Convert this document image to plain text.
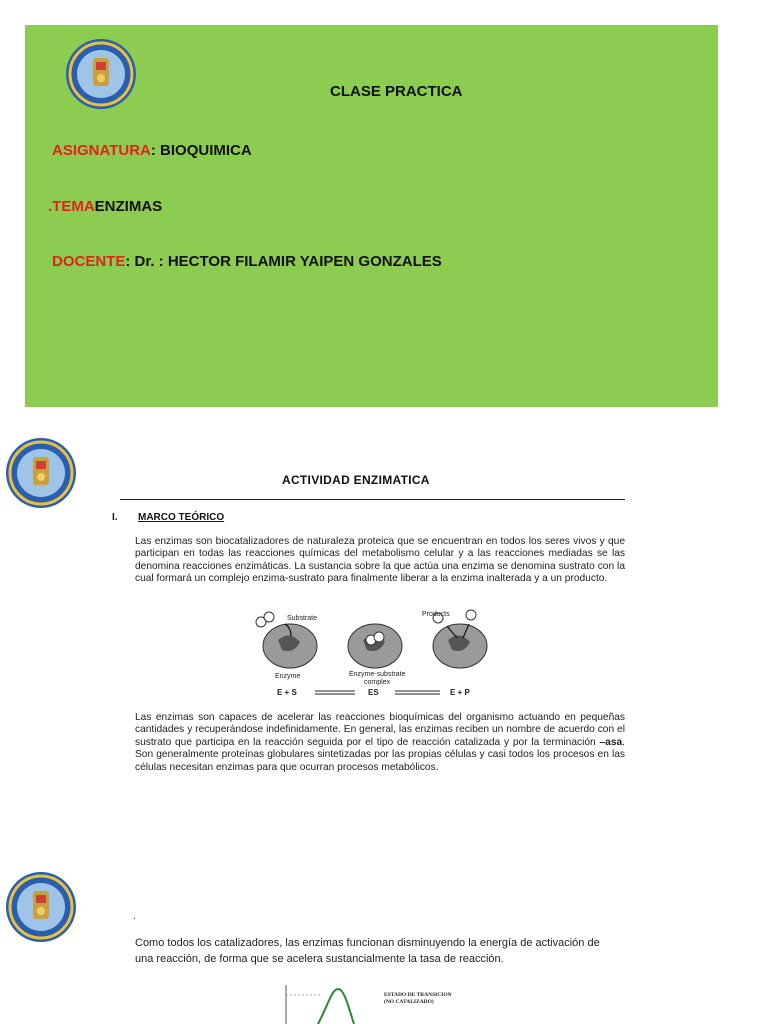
CLASE PRACTICA
ASIGNATURA: BIOQUIMICA
.TEMAENZIMAS
DOCENTE: Dr. : HECTOR FILAMIR YAIPEN GONZALES
ACTIVIDAD ENZIMATICA
I. MARCO TEÓRICO
Las enzimas son biocatalizadores de naturaleza proteica que se encuentran en todos los seres vivos y que participan en todas las reacciones químicas del metabolismo celular y a las reacciones mediadas se las denomina reacciones enzimáticas. La sustancia sobre la que actúa una enzima se denomina sustrato con la cual formará un complejo enzima-sustrato para finalmente liberar a la enzima inalterada y a un producto.
Substrate
Enzyme	Enzyme-substrate
complex
Products
E + S	ES	E + P
Las enzimas son capaces de acelerar las reacciones bioquímicas del organismo actuando en pequeñas cantidades y recuperándose indefinidamente. En general, las enzimas reciben un nombre de acuerdo con el sustrato que participa en la reacción seguida por el tipo de reacción catalizada y por la terminación –asa. Son generalmente proteínas globulares sintetizadas por las propias células y casi todos los procesos en las células necesitan enzimas para que ocurran procesos metabólicos.
.
Como todos los catalizadores, las enzimas funcionan disminuyendo la energía de activación de una reacción, de forma que se acelera sustancialmente la tasa de reacción.
ESTADO DE TRANSICION
(NO CATALIZADO)
